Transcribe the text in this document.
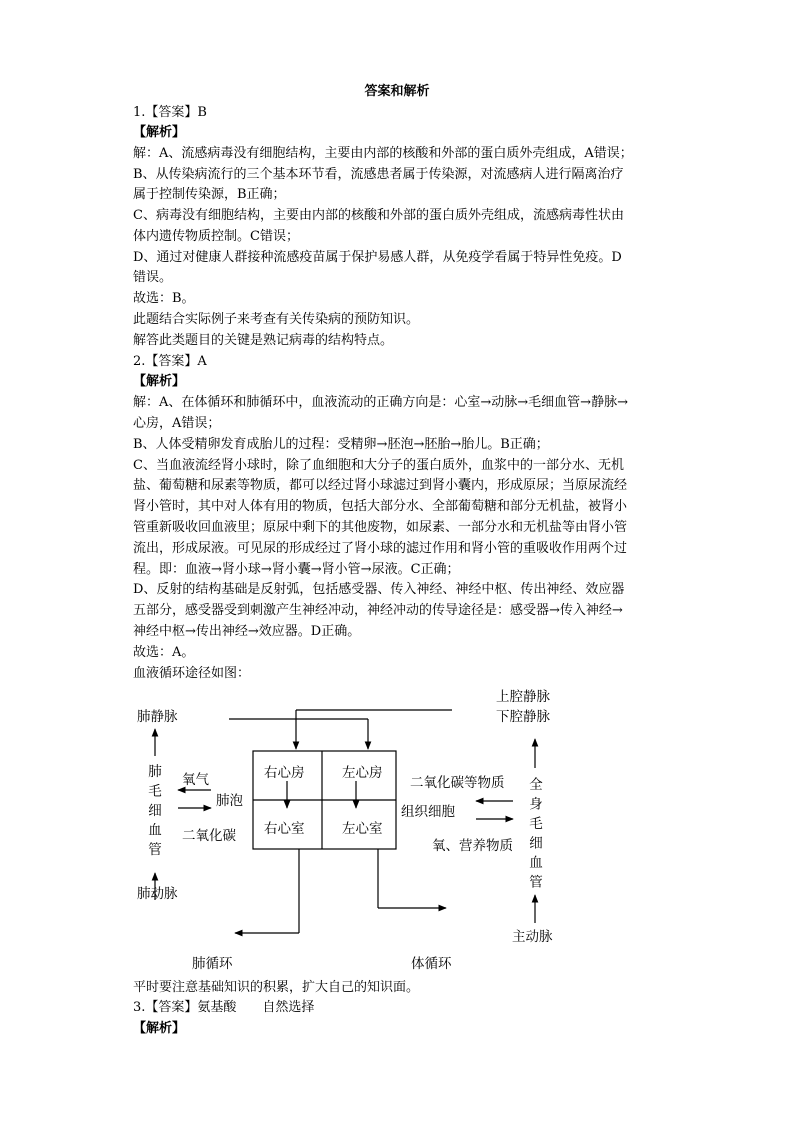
答案和解析
1.【答案】B
【解析】
解：A、流感病毒没有细胞结构，主要由内部的核酸和外部的蛋白质外壳组成，A错误；
B、从传染病流行的三个基本环节看，流感患者属于传染源，对流感病人进行隔离治疗
属于控制传染源，B正确；
C、病毒没有细胞结构，主要由内部的核酸和外部的蛋白质外壳组成，流感病毒性状由
体内遗传物质控制。C错误；
D、通过对健康人群接种流感疫苗属于保护易感人群，从免疫学看属于特异性免疫。D
错误。
故选：B。
此题结合实际例子来考查有关传染病的预防知识。
解答此类题目的关键是熟记病毒的结构特点。
2.【答案】A
【解析】
解：A、在体循环和肺循环中，血液流动的正确方向是：心室→动脉→毛细血管→静脉→
心房，A错误；
B、人体受精卵发育成胎儿的过程：受精卵→胚泡→胚胎→胎儿。B正确；
C、当血液流经肾小球时，除了血细胞和大分子的蛋白质外，血浆中的一部分水、无机
盐、葡萄糖和尿素等物质，都可以经过肾小球滤过到肾小囊内，形成原尿；当原尿流经
肾小管时，其中对人体有用的物质，包括大部分水、全部葡萄糖和部分无机盐，被肾小
管重新吸收回血液里；原尿中剩下的其他废物，如尿素、一部分水和无机盐等由肾小管
流出，形成尿液。可见尿的形成经过了肾小球的滤过作用和肾小管的重吸收作用两个过
程。即：血液→肾小球→肾小囊→肾小管→尿液。C正确；
D、反射的结构基础是反射弧，包括感受器、传入神经、神经中枢、传出神经、效应器
五部分，感受器受到刺激产生神经冲动，神经冲动的传导途径是：感受器→传入神经→
神经中枢→传出神经→效应器。D正确。
故选：A。
血液循环途径如图：
肺静脉
肺动脉
肺循环	体循环
氧气
肺泡
二氧化碳
右心房	左心房
右心室	左心室
上腔静脉
下腔静脉
二氧化碳等物质
组织细胞
氧、营养物质
主动脉
肺
毛
细
血
管
全
身
毛
细
血
管
平时要注意基础知识的积累，扩大自己的知识面。
3.【答案】氨基酸 自然选择
【解析】
